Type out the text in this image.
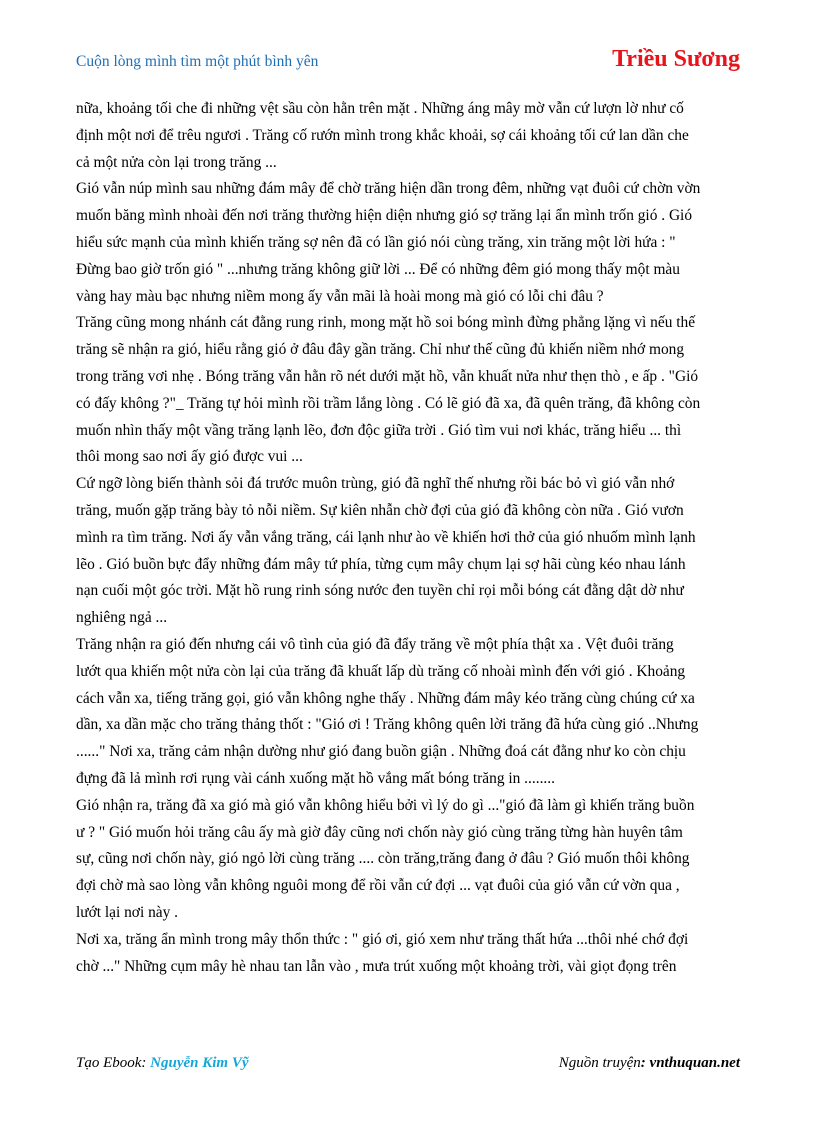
Cuộn lòng mình tìm một phút bình yên	Triều Sương
nữa, khoảng tối che đi những vệt sầu còn hằn trên mặt . Những áng mây mờ vẫn cứ lượn lờ như cố
định một nơi để trêu ngươi . Trăng cố rướn mình trong khắc khoải, sợ cái khoảng tối cứ lan dần che
cả một nửa còn lại trong trăng ...
Gió vẫn núp mình sau những đám mây để chờ trăng hiện dần trong đêm, những vạt đuôi cứ chờn vờn
muốn băng mình nhoài đến nơi trăng thường hiện diện nhưng gió sợ trăng lại ẩn mình trốn gió . Gió
hiểu sức mạnh của mình khiến trăng sợ nên đã có lần gió nói cùng trăng, xin trăng một lời hứa : "
Đừng bao giờ trốn gió " ...nhưng trăng không giữ lời ... Để có những đêm gió mong thấy một màu
vàng hay màu bạc nhưng niềm mong ấy vẫn mãi là hoài mong mà gió có lỗi chi đâu ?
Trăng cũng mong nhánh cát đằng rung rinh, mong mặt hồ soi bóng mình đừng phẳng lặng vì nếu thế
trăng sẽ nhận ra gió, hiểu rằng gió ở đâu đây gần trăng. Chỉ như thế cũng đủ khiến niềm nhớ mong
trong trăng vơi nhẹ . Bóng trăng vẫn hằn rõ nét dưới mặt hồ, vẫn khuất nửa như thẹn thò , e ấp . "Gió
có đấy không ?"_ Trăng tự hỏi mình rồi trầm lắng lòng . Có lẽ gió đã xa, đã quên trăng, đã không còn
muốn nhìn thấy một vầng trăng lạnh lẽo, đơn độc giữa trời . Gió tìm vui nơi khác, trăng hiểu ... thì
thôi mong sao nơi ấy gió được vui ...
Cứ ngỡ lòng biến thành sỏi đá trước muôn trùng, gió đã nghĩ thế nhưng rồi bác bỏ vì gió vẫn nhớ
trăng, muốn gặp trăng bày tỏ nỗi niềm. Sự kiên nhẫn chờ đợi của gió đã không còn nữa . Gió vươn
mình ra tìm trăng. Nơi ấy vẫn vắng trăng, cái lạnh như ào về khiến hơi thở của gió nhuốm mình lạnh
lẽo . Gió buồn bực đẩy những đám mây tứ phía, từng cụm mây chụm lại sợ hãi cùng kéo nhau lánh
nạn cuối một góc trời. Mặt hồ rung rinh sóng nước đen tuyền chỉ rọi mỗi bóng cát đằng dật dờ như
nghiêng ngả ...
Trăng nhận ra gió đến nhưng cái vô tình của gió đã đẩy trăng về một phía thật xa . Vệt đuôi trăng
lướt qua khiến một nửa còn lại của trăng đã khuất lấp dù trăng cố nhoài mình đến với gió . Khoảng
cách vẫn xa, tiếng trăng gọi, gió vẫn không nghe thấy . Những đám mây kéo trăng cùng chúng cứ xa
dần, xa dần mặc cho trăng thảng thốt : "Gió ơi ! Trăng không quên lời trăng đã hứa cùng gió ..Nhưng
......" Nơi xa, trăng cảm nhận dường như gió đang buồn giận . Những đoá cát đằng như ko còn chịu
đựng đã lả mình rơi rụng vài cánh xuống mặt hồ vắng mất bóng trăng in ........
Gió nhận ra, trăng đã xa gió mà gió vẫn không hiểu bởi vì lý do gì ..."gió đã làm gì khiến trăng buồn
ư ? " Gió muốn hỏi trăng câu ấy mà giờ đây cũng nơi chốn này gió cùng trăng từng hàn huyên tâm
sự, cũng nơi chốn này, gió ngỏ lời cùng trăng .... còn trăng,trăng đang ở đâu ? Gió muốn thôi không
đợi chờ mà sao lòng vẫn không nguôi mong để rồi vẫn cứ đợi ... vạt đuôi của gió vẫn cứ vờn qua ,
lướt lại nơi này .
Nơi xa, trăng ẩn mình trong mây thổn thức : " gió ơi, gió xem như trăng thất hứa ...thôi nhé chớ đợi
chờ ..." Những cụm mây hè nhau tan lẫn vào , mưa trút xuống một khoảng trời, vài giọt đọng trên
Tạo Ebook: Nguyễn Kim Vỹ	Nguồn truyện: vnthuquan.net
